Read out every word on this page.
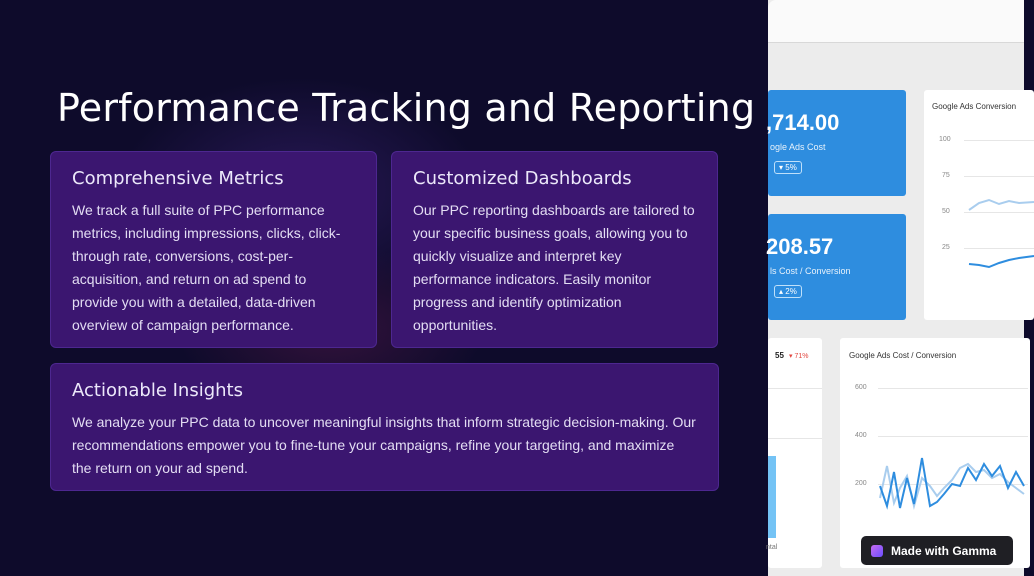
Performance Tracking and Reporting
Comprehensive Metrics

We track a full suite of PPC performance metrics, including impressions, clicks, click-through rate, conversions, cost-per-acquisition, and return on ad spend to provide you with a detailed, data-driven overview of campaign performance.

Customized Dashboards

Our PPC reporting dashboards are tailored to your specific business goals, allowing you to quickly visualize and interpret key performance indicators. Easily monitor progress and identify optimization opportunities.

Actionable Insights

We analyze your PPC data to uncover meaningful insights that inform strategic decision-making. Our recommendations empower you to fine-tune your campaigns, refine your targeting, and maximize the return on your ad spend.

,714.00
ogle Ads Cost
▾ 5%
208.57
ls Cost / Conversion
▴ 2%
Google Ads Conversion
100
75
50
25
55 ▾ 71%
ntal
Google Ads Cost / Conversion
600
400
200
Made with Gamma
